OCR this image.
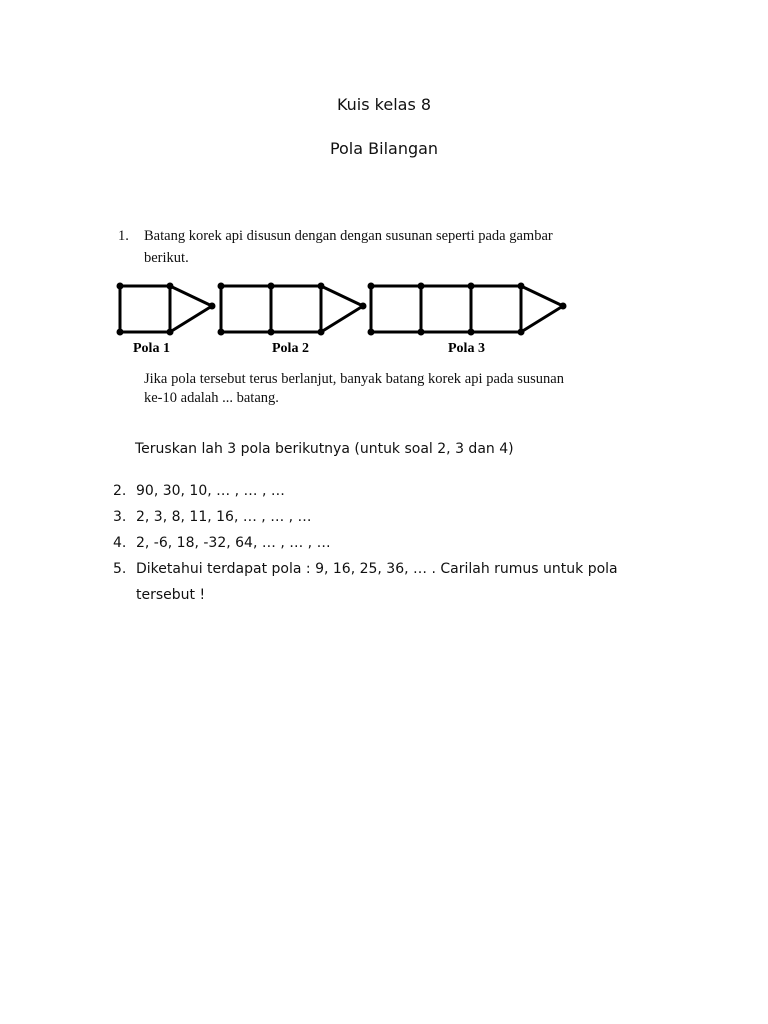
Kuis kelas 8
Pola Bilangan
1. Batang korek api disusun dengan dengan susunan seperti pada gambar berikut.
Pola 1	Pola 2	Pola 3
Jika pola tersebut terus berlanjut, banyak batang korek api pada susunan ke-10 adalah ... batang.
Teruskan lah 3 pola berikutnya (untuk soal 2, 3 dan 4)
2. 90, 30, 10, … , … , …
3. 2, 3, 8, 11, 16, … , … , …
4. 2, -6, 18, -32, 64, … , … , …
5. Diketahui terdapat pola : 9, 16, 25, 36, … . Carilah rumus untuk pola tersebut !
